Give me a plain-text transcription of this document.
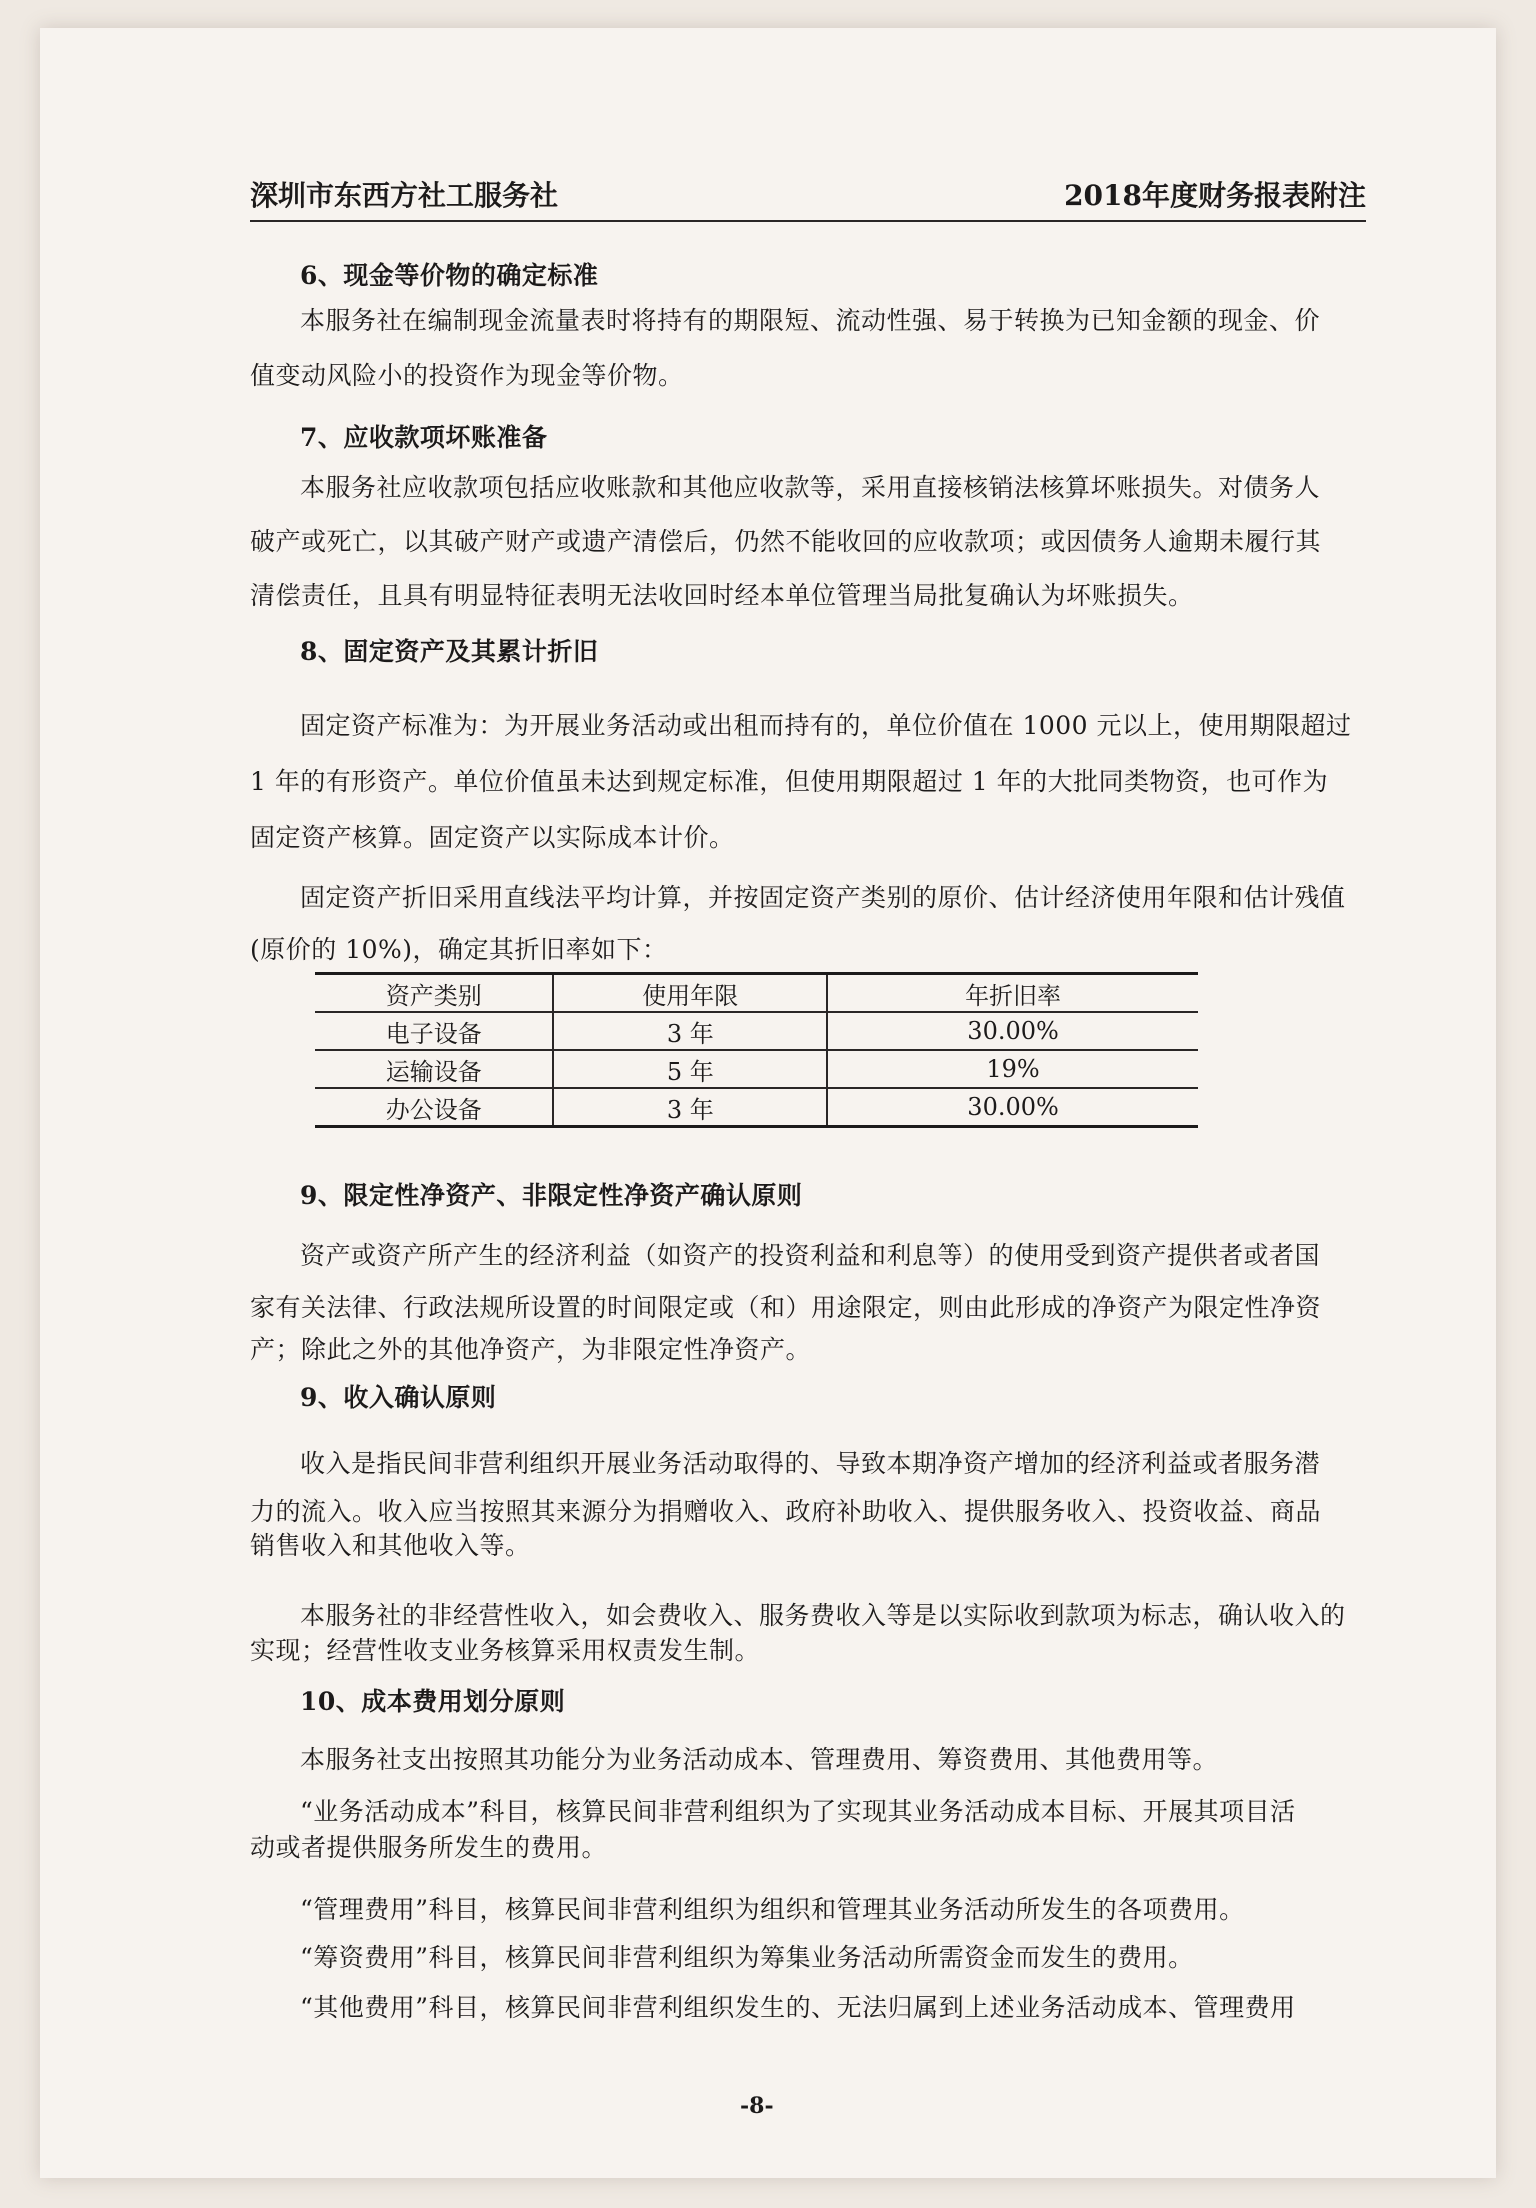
深圳市东西方社工服务社	2018年度财务报表附注
6、现金等价物的确定标准
本服务社在编制现金流量表时将持有的期限短、流动性强、易于转换为已知金额的现金、价
值变动风险小的投资作为现金等价物。
7、应收款项坏账准备
本服务社应收款项包括应收账款和其他应收款等，采用直接核销法核算坏账损失。对债务人
破产或死亡，以其破产财产或遗产清偿后，仍然不能收回的应收款项；或因债务人逾期未履行其
清偿责任，且具有明显特征表明无法收回时经本单位管理当局批复确认为坏账损失。
8、固定资产及其累计折旧
固定资产标准为：为开展业务活动或出租而持有的，单位价值在 1000 元以上，使用期限超过
1 年的有形资产。单位价值虽未达到规定标准，但使用期限超过 1 年的大批同类物资，也可作为
固定资产核算。固定资产以实际成本计价。
固定资产折旧采用直线法平均计算，并按固定资产类别的原价、估计经济使用年限和估计残值
(原价的 10%)，确定其折旧率如下：
资产类别	使用年限	年折旧率
电子设备	3 年	30.00%
运输设备	5 年	19%
办公设备	3 年	30.00%
9、限定性净资产、非限定性净资产确认原则
资产或资产所产生的经济利益（如资产的投资利益和利息等）的使用受到资产提供者或者国
家有关法律、行政法规所设置的时间限定或（和）用途限定，则由此形成的净资产为限定性净资
产；除此之外的其他净资产，为非限定性净资产。
9、收入确认原则
收入是指民间非营利组织开展业务活动取得的、导致本期净资产增加的经济利益或者服务潜
力的流入。收入应当按照其来源分为捐赠收入、政府补助收入、提供服务收入、投资收益、商品
销售收入和其他收入等。
本服务社的非经营性收入，如会费收入、服务费收入等是以实际收到款项为标志，确认收入的
实现；经营性收支业务核算采用权责发生制。
10、成本费用划分原则
本服务社支出按照其功能分为业务活动成本、管理费用、筹资费用、其他费用等。
“业务活动成本”科目，核算民间非营利组织为了实现其业务活动成本目标、开展其项目活
动或者提供服务所发生的费用。
“管理费用”科目，核算民间非营利组织为组织和管理其业务活动所发生的各项费用。
“筹资费用”科目，核算民间非营利组织为筹集业务活动所需资金而发生的费用。
“其他费用”科目，核算民间非营利组织发生的、无法归属到上述业务活动成本、管理费用
-8-
